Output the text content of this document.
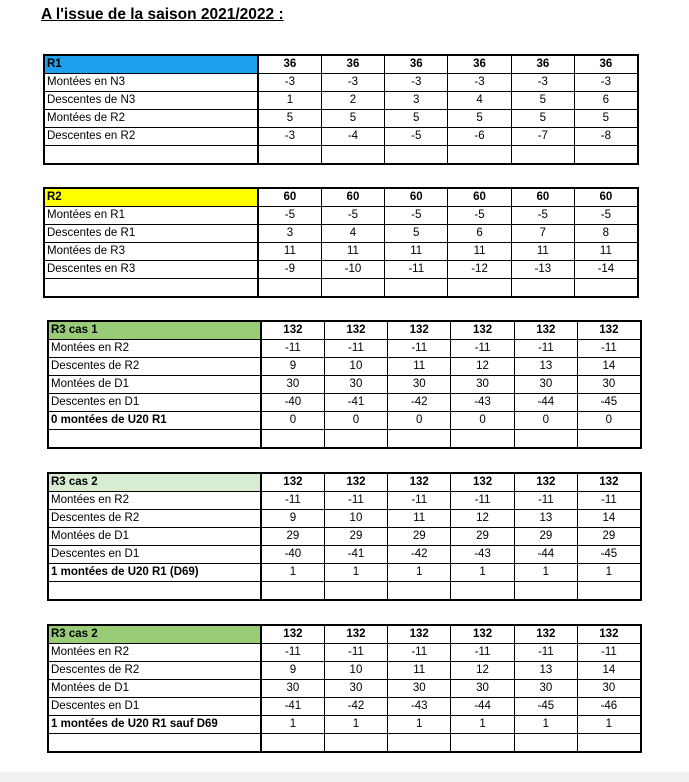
A l'issue de la saison 2021/2022 :
R1	36	36	36	36	36	36
Montées en N3	-3	-3	-3	-3	-3	-3
Descentes de N3	1	2	3	4	5	6
Montées de R2	5	5	5	5	5	5
Descentes en R2	-3	-4	-5	-6	-7	-8

R2	60	60	60	60	60	60
Montées en R1	-5	-5	-5	-5	-5	-5
Descentes de R1	3	4	5	6	7	8
Montées de R3	11	11	11	11	11	11
Descentes en R3	-9	-10	-11	-12	-13	-14

R3 cas 1	132	132	132	132	132	132
Montées en R2	-11	-11	-11	-11	-11	-11
Descentes de R2	9	10	11	12	13	14
Montées de D1	30	30	30	30	30	30
Descentes en D1	-40	-41	-42	-43	-44	-45
0 montées de U20 R1	0	0	0	0	0	0

R3 cas 2	132	132	132	132	132	132
Montées en R2	-11	-11	-11	-11	-11	-11
Descentes de R2	9	10	11	12	13	14
Montées de D1	29	29	29	29	29	29
Descentes en D1	-40	-41	-42	-43	-44	-45
1 montées de U20 R1 (D69)	1	1	1	1	1	1

R3 cas 2	132	132	132	132	132	132
Montées en R2	-11	-11	-11	-11	-11	-11
Descentes de R2	9	10	11	12	13	14
Montées de D1	30	30	30	30	30	30
Descentes en D1	-41	-42	-43	-44	-45	-46
1 montées de U20 R1 sauf D69	1	1	1	1	1	1
